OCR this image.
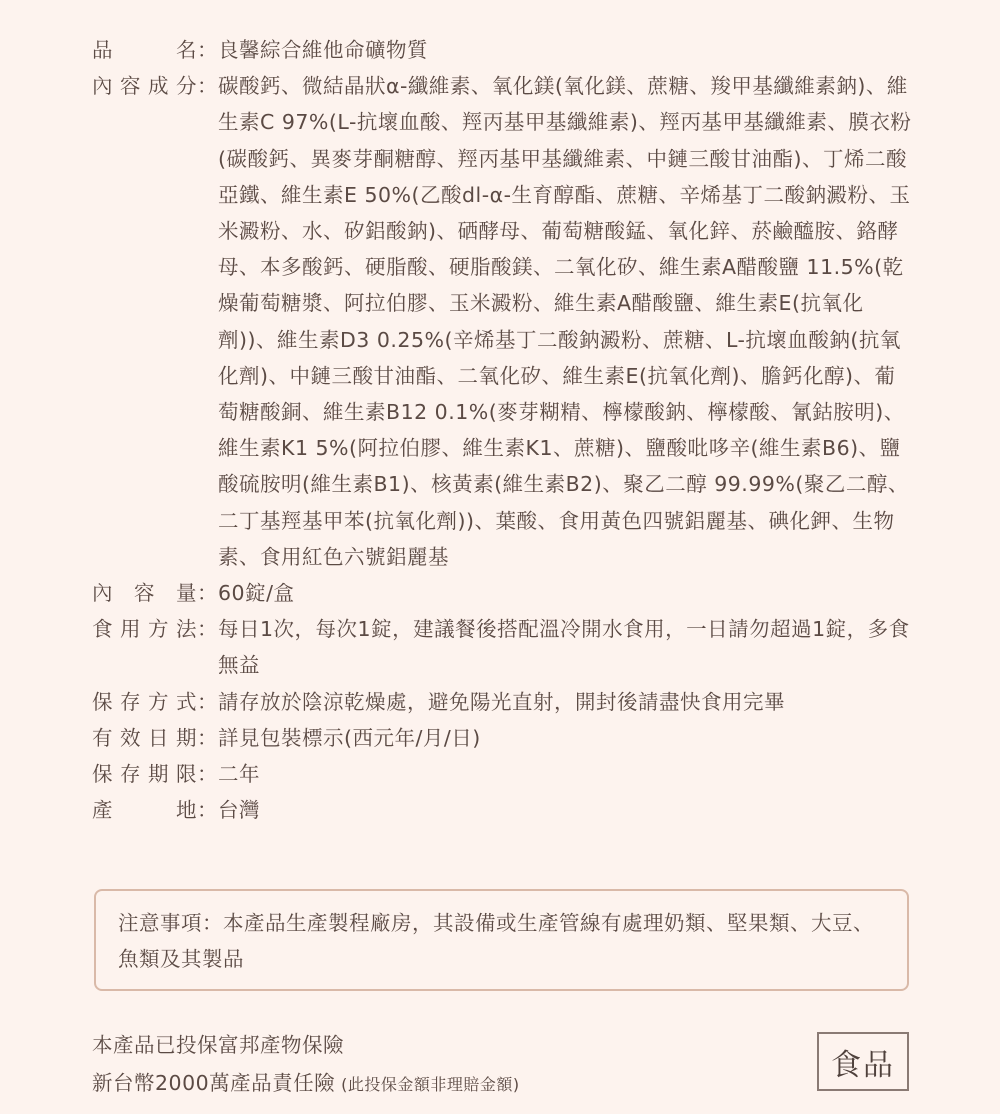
品	名 ： 良馨綜合維他命礦物質
內 容 成 分 ： 碳酸鈣、微結晶狀α-纖維素、氧化鎂(氧化鎂、蔗糖、羧甲基纖維素鈉)、維生素C 97%(L-抗壞血酸、羥丙基甲基纖維素)、羥丙基甲基纖維素、膜衣粉(碳酸鈣、異麥芽酮糖醇、羥丙基甲基纖維素、中鏈三酸甘油酯)、丁烯二酸亞鐵、維生素E 50%(乙酸dl-α-生育醇酯、蔗糖、辛烯基丁二酸鈉澱粉、玉米澱粉、水、矽鋁酸鈉)、硒酵母、葡萄糖酸錳、氧化鋅、菸鹼醯胺、鉻酵母、本多酸鈣、硬脂酸、硬脂酸鎂、二氧化矽、維生素A醋酸鹽 11.5%(乾燥葡萄糖漿、阿拉伯膠、玉米澱粉、維生素A醋酸鹽、維生素E(抗氧化劑))、維生素D3 0.25%(辛烯基丁二酸鈉澱粉、蔗糖、L-抗壞血酸鈉(抗氧化劑)、中鏈三酸甘油酯、二氧化矽、維生素E(抗氧化劑)、膽鈣化醇)、葡萄糖酸銅、維生素B12 0.1%(麥芽糊精、檸檬酸鈉、檸檬酸、氰鈷胺明)、維生素K1 5%(阿拉伯膠、維生素K1、蔗糖)、鹽酸吡哆辛(維生素B6)、鹽酸硫胺明(維生素B1)、核黃素(維生素B2)、聚乙二醇 99.99%(聚乙二醇、二丁基羥基甲苯(抗氧化劑))、葉酸、食用黃色四號鋁麗基、碘化鉀、生物素、食用紅色六號鋁麗基
內 容 量 ： 60錠/盒
食 用 方 法 ： 每日1次，每次1錠，建議餐後搭配溫冷開水食用，一日請勿超過1錠，多食無益
保 存 方 式 ： 請存放於陰涼乾燥處，避免陽光直射，開封後請盡快食用完畢
有 效 日 期 ： 詳見包裝標示(西元年/月/日)
保 存 期 限 ： 二年
產	地 ： 台灣
注意事項：本產品生產製程廠房，其設備或生產管線有處理奶類、堅果類、大豆、魚類及其製品
本產品已投保富邦產物保險
新台幣2000萬產品責任險 (此投保金額非理賠金額)
食品
